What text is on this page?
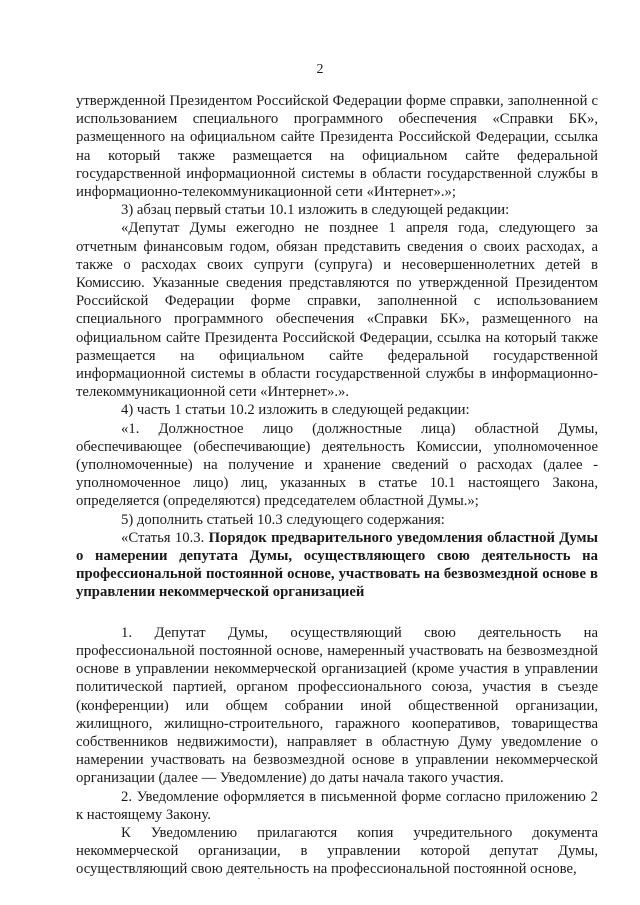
2

утвержденной Президентом Российской Федерации форме справки, заполненной с использованием специального программного обеспечения «Справки БК», размещенного на официальном сайте Президента Российской Федерации, ссылка на который также размещается на официальном сайте федеральной государственной информационной системы в области государственной службы в информационно-телекоммуникационной сети «Интернет».»;

3) абзац первый статьи 10.1 изложить в следующей редакции:

«Депутат Думы ежегодно не позднее 1 апреля года, следующего за отчетным финансовым годом, обязан представить сведения о своих расходах, а также о расходах своих супруги (супруга) и несовершеннолетних детей в Комиссию. Указанные сведения представляются по утвержденной Президентом Российской Федерации форме справки, заполненной с использованием специального программного обеспечения «Справки БК», размещенного на официальном сайте Президента Российской Федерации, ссылка на который также размещается на официальном сайте федеральной государственной информационной системы в области государственной службы в информационно-телекоммуникационной сети «Интернет».».

4) часть 1 статьи 10.2 изложить в следующей редакции:

«1. Должностное лицо (должностные лица) областной Думы, обеспечивающее (обеспечивающие) деятельность Комиссии, уполномоченное (уполномоченные) на получение и хранение сведений о расходах (далее - уполномоченное лицо) лиц, указанных в статье 10.1 настоящего Закона, определяется (определяются) председателем областной Думы.»;

5) дополнить статьей 10.3 следующего содержания:

«Статья 10.3. Порядок предварительного уведомления областной Думы о намерении депутата Думы, осуществляющего свою деятельность на профессиональной постоянной основе, участвовать на безвозмездной основе в управлении некоммерческой организацией

1. Депутат Думы, осуществляющий свою деятельность на профессиональной постоянной основе, намеренный участвовать на безвозмездной основе в управлении некоммерческой организацией (кроме участия в управлении политической партией, органом профессионального союза, участия в съезде (конференции) или общем собрании иной общественной организации, жилищного, жилищно-строительного, гаражного кооперативов, товарищества собственников недвижимости), направляет в областную Думу уведомление о намерении участвовать на безвозмездной основе в управлении некоммерческой организации (далее — Уведомление) до даты начала такого участия.

2. Уведомление оформляется в письменной форме согласно приложению 2 к настоящему Закону.

К Уведомлению прилагаются копия учредительного документа некоммерческой организации, в управлении которой депутат Думы, осуществляющий свою деятельность на профессиональной постоянной основе,
